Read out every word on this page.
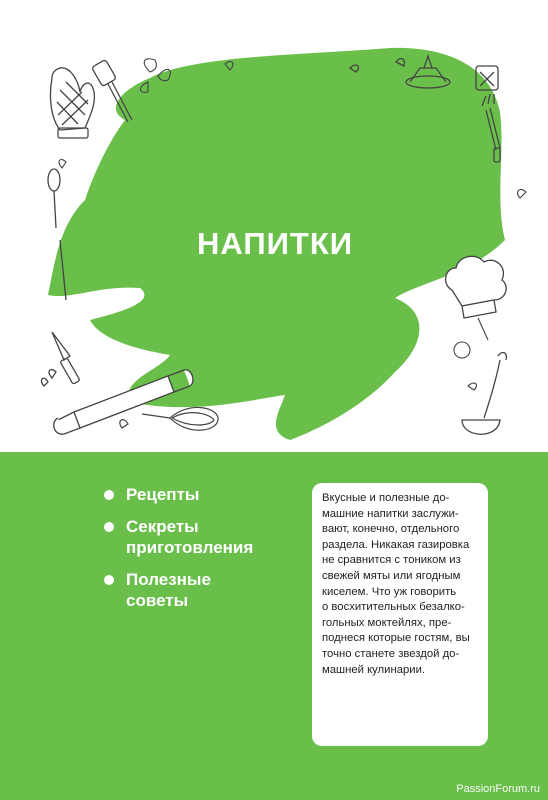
НАПИТКИ
Рецепты
Секреты приготовления
Полезные советы
Вкусные и полезные до-
машние напитки заслужи-
вают, конечно, отдельного
раздела. Никакая газировка
не сравнится с тоником из
свежей мяты или ягодным
киселем. Что уж говорить
о восхитительных безалко-
гольных моктейлях, пре-
поднеся которые гостям, вы
точно станете звездой до-
машней кулинарии.
PassionForum.ru
